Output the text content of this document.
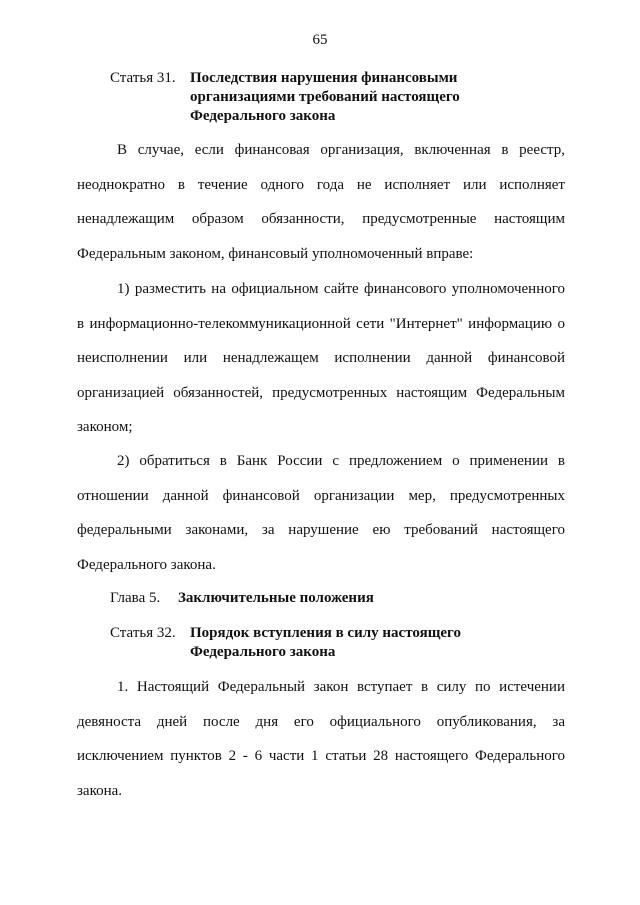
65
Статья 31. Последствия нарушения финансовыми
организациями требований настоящего
Федерального закона
В случае, если финансовая организация, включенная в реестр,
неоднократно в течение одного года не исполняет или исполняет
ненадлежащим образом обязанности, предусмотренные настоящим
Федеральным законом, финансовый уполномоченный вправе:
1) разместить на официальном сайте финансового уполномоченного
в информационно-телекоммуникационной сети "Интернет" информацию о
неисполнении или ненадлежащем исполнении данной финансовой
организацией обязанностей, предусмотренных настоящим Федеральным
законом;
2) обратиться в Банк России с предложением о применении в
отношении данной финансовой организации мер, предусмотренных
федеральными законами, за нарушение ею требований настоящего
Федерального закона.
Глава 5. Заключительные положения
Статья 32. Порядок вступления в силу настоящего
Федерального закона
1. Настоящий Федеральный закон вступает в силу по истечении
девяноста дней после дня его официального опубликования, за
исключением пунктов 2 - 6 части 1 статьи 28 настоящего Федерального
закона.
